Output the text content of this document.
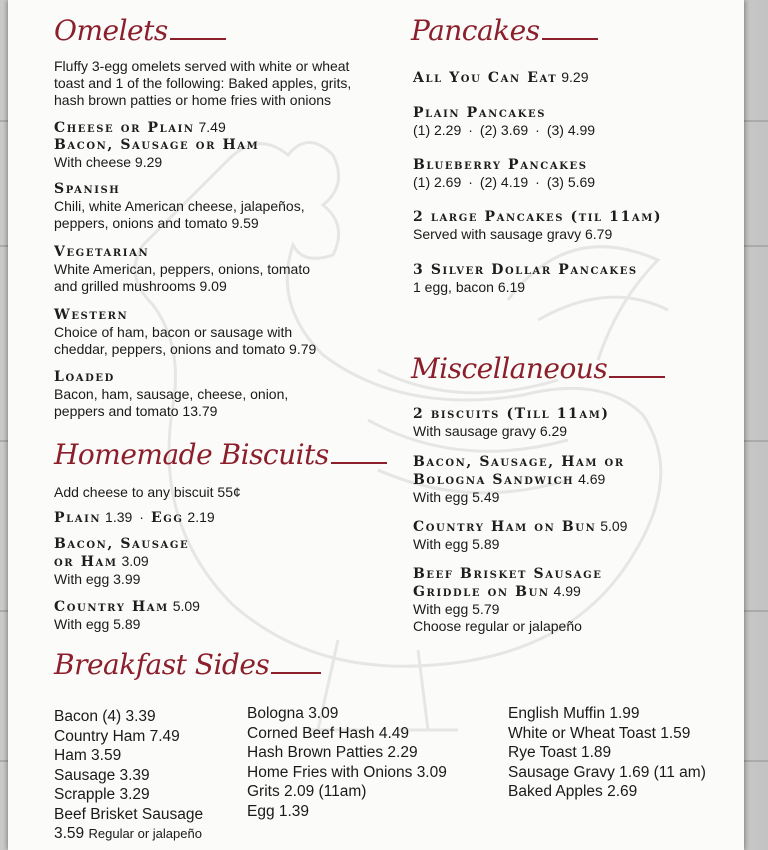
Omelets
Fluffy 3-egg omelets served with white or wheat
toast and 1 of the following: Baked apples, grits,
hash brown patties or home fries with onions
Cheese or Plain 7.49
Bacon, Sausage or Ham
With cheese 9.29
Spanish
Chili, white American cheese, jalapeños,
peppers, onions and tomato 9.59
Vegetarian
White American, peppers, onions, tomato
and grilled mushrooms 9.09
Western
Choice of ham, bacon or sausage with
cheddar, peppers, onions and tomato 9.79
Loaded
Bacon, ham, sausage, cheese, onion,
peppers and tomato 13.79
Homemade Biscuits
Add cheese to any biscuit 55¢
Plain 1.39 · Egg 2.19
Bacon, Sausage
or Ham 3.09
With egg 3.99
Country Ham 5.09
With egg 5.89
Pancakes
All You Can Eat 9.29
Plain Pancakes
(1) 2.29 · (2) 3.69 · (3) 4.99
Blueberry Pancakes
(1) 2.69 · (2) 4.19 · (3) 5.69
2 large Pancakes (til 11am)
Served with sausage gravy 6.79
3 Silver Dollar Pancakes
1 egg, bacon 6.19
Miscellaneous
2 biscuits (Till 11am)
With sausage gravy 6.29
Bacon, Sausage, Ham or
Bologna Sandwich 4.69
With egg 5.49
Country Ham on Bun 5.09
With egg 5.89
Beef Brisket Sausage
Griddle on Bun 4.99
With egg 5.79
Choose regular or jalapeño
Breakfast Sides
Bacon (4) 3.39
Country Ham 7.49
Ham 3.59
Sausage 3.39
Scrapple 3.29
Beef Brisket Sausage
3.59 Regular or jalapeño
Bologna 3.09
Corned Beef Hash 4.49
Hash Brown Patties 2.29
Home Fries with Onions 3.09
Grits 2.09 (11am)
Egg 1.39
English Muffin 1.99
White or Wheat Toast 1.59
Rye Toast 1.89
Sausage Gravy 1.69 (11 am)
Baked Apples 2.69
